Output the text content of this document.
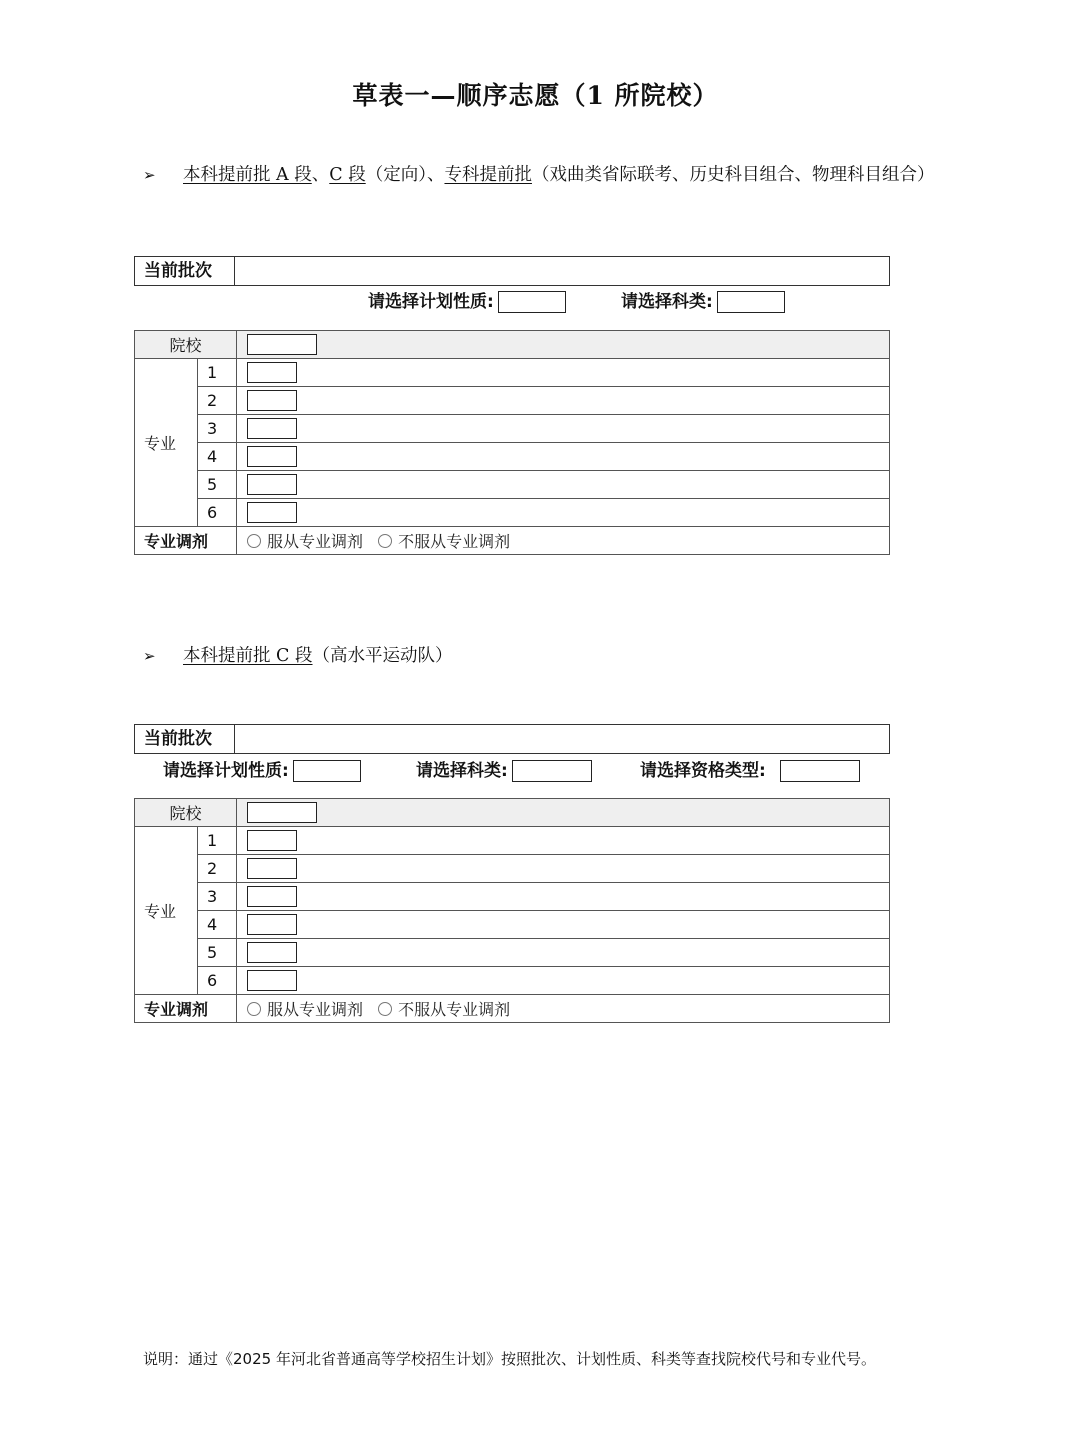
草表一—顺序志愿（1 所院校）
➢ 本科提前批 A 段、C 段（定向）、专科提前批（戏曲类省际联考、历史科目组合、物理科目组合）
当前批次
请选择计划性质:	请选择科类:
院校		
专业	1	
	2	
	3	
	4	
	5	
	6	
专业调剂		服从专业调剂 不服从专业调剂
➢ 本科提前批 C 段（高水平运动队）
当前批次
请选择计划性质:	请选择科类:	请选择资格类型:
院校		
专业	1	
	2	
	3	
	4	
	5	
	6	
专业调剂		服从专业调剂 不服从专业调剂
说明：通过《2025 年河北省普通高等学校招生计划》按照批次、计划性质、科类等查找院校代号和专业代号。
